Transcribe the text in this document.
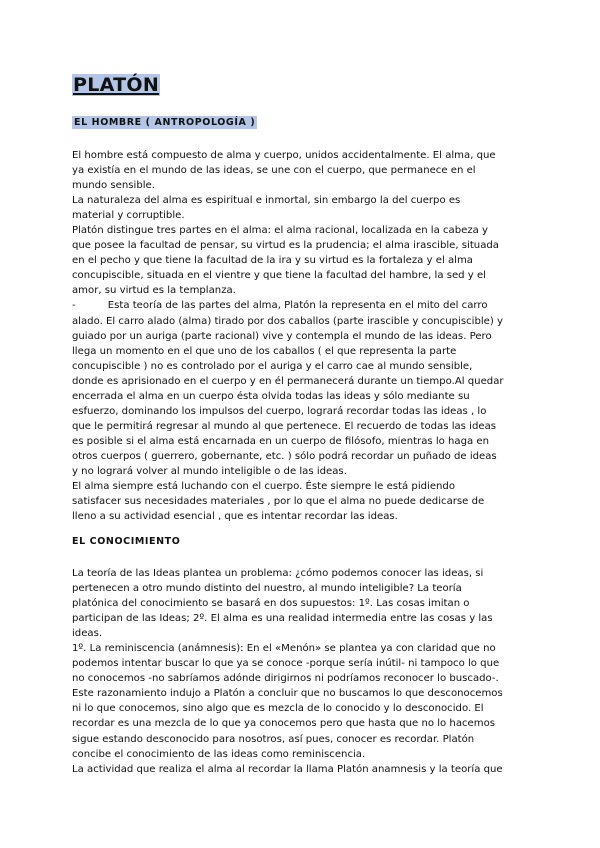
PLATÓN
EL HOMBRE ( ANTROPOLOGÍA )
El hombre está compuesto de alma y cuerpo, unidos accidentalmente. El alma, que
ya existía en el mundo de las ideas, se une con el cuerpo, que permanece en el
mundo sensible.
La naturaleza del alma es espiritual e inmortal, sin embargo la del cuerpo es
material y corruptible.
Platón distingue tres partes en el alma: el alma racional, localizada en la cabeza y
que posee la facultad de pensar, su virtud es la prudencia; el alma irascible, situada
en el pecho y que tiene la facultad de la ira y su virtud es la fortaleza y el alma
concupiscible, situada en el vientre y que tiene la facultad del hambre, la sed y el
amor, su virtud es la templanza.
-          Esta teoría de las partes del alma, Platón la representa en el mito del carro
alado. El carro alado (alma) tirado por dos caballos (parte irascible y concupiscible) y
guiado por un auriga (parte racional) vive y contempla el mundo de las ideas. Pero
llega un momento en el que uno de los caballos ( el que representa la parte
concupiscible ) no es controlado por el auriga y el carro cae al mundo sensible,
donde es aprisionado en el cuerpo y en él permanecerá durante un tiempo.Al quedar
encerrada el alma en un cuerpo ésta olvida todas las ideas y sólo mediante su
esfuerzo, dominando los impulsos del cuerpo, logrará recordar todas las ideas , lo
que le permitirá regresar al mundo al que pertenece. El recuerdo de todas las ideas
es posible si el alma está encarnada en un cuerpo de filósofo, mientras lo haga en
otros cuerpos ( guerrero, gobernante, etc. ) sólo podrá recordar un puñado de ideas
y no logrará volver al mundo inteligible o de las ideas.
El alma siempre está luchando con el cuerpo. Éste siempre le está pidiendo
satisfacer sus necesidades materiales , por lo que el alma no puede dedicarse de
lleno a su actividad esencial , que es intentar recordar las ideas.
EL CONOCIMIENTO
La teoría de las Ideas plantea un problema: ¿cómo podemos conocer las ideas, si
pertenecen a otro mundo distinto del nuestro, al mundo inteligible? La teoría
platónica del conocimiento se basará en dos supuestos: 1º. Las cosas imitan o
participan de las Ideas; 2º. El alma es una realidad intermedia entre las cosas y las
ideas.
1º. La reminiscencia (anámnesis): En el «Menón» se plantea ya con claridad que no
podemos intentar buscar lo que ya se conoce -porque sería inútil- ni tampoco lo que
no conocemos -no sabríamos adónde dirigirnos ni podríamos reconocer lo buscado-.
Este razonamiento indujo a Platón a concluir que no buscamos lo que desconocemos
ni lo que conocemos, sino algo que es mezcla de lo conocido y lo desconocido. El
recordar es una mezcla de lo que ya conocemos pero que hasta que no lo hacemos
sigue estando desconocido para nosotros, así pues, conocer es recordar. Platón
concibe el conocimiento de las ideas como reminiscencia.
La actividad que realiza el alma al recordar la llama Platón anamnesis y la teoría que
